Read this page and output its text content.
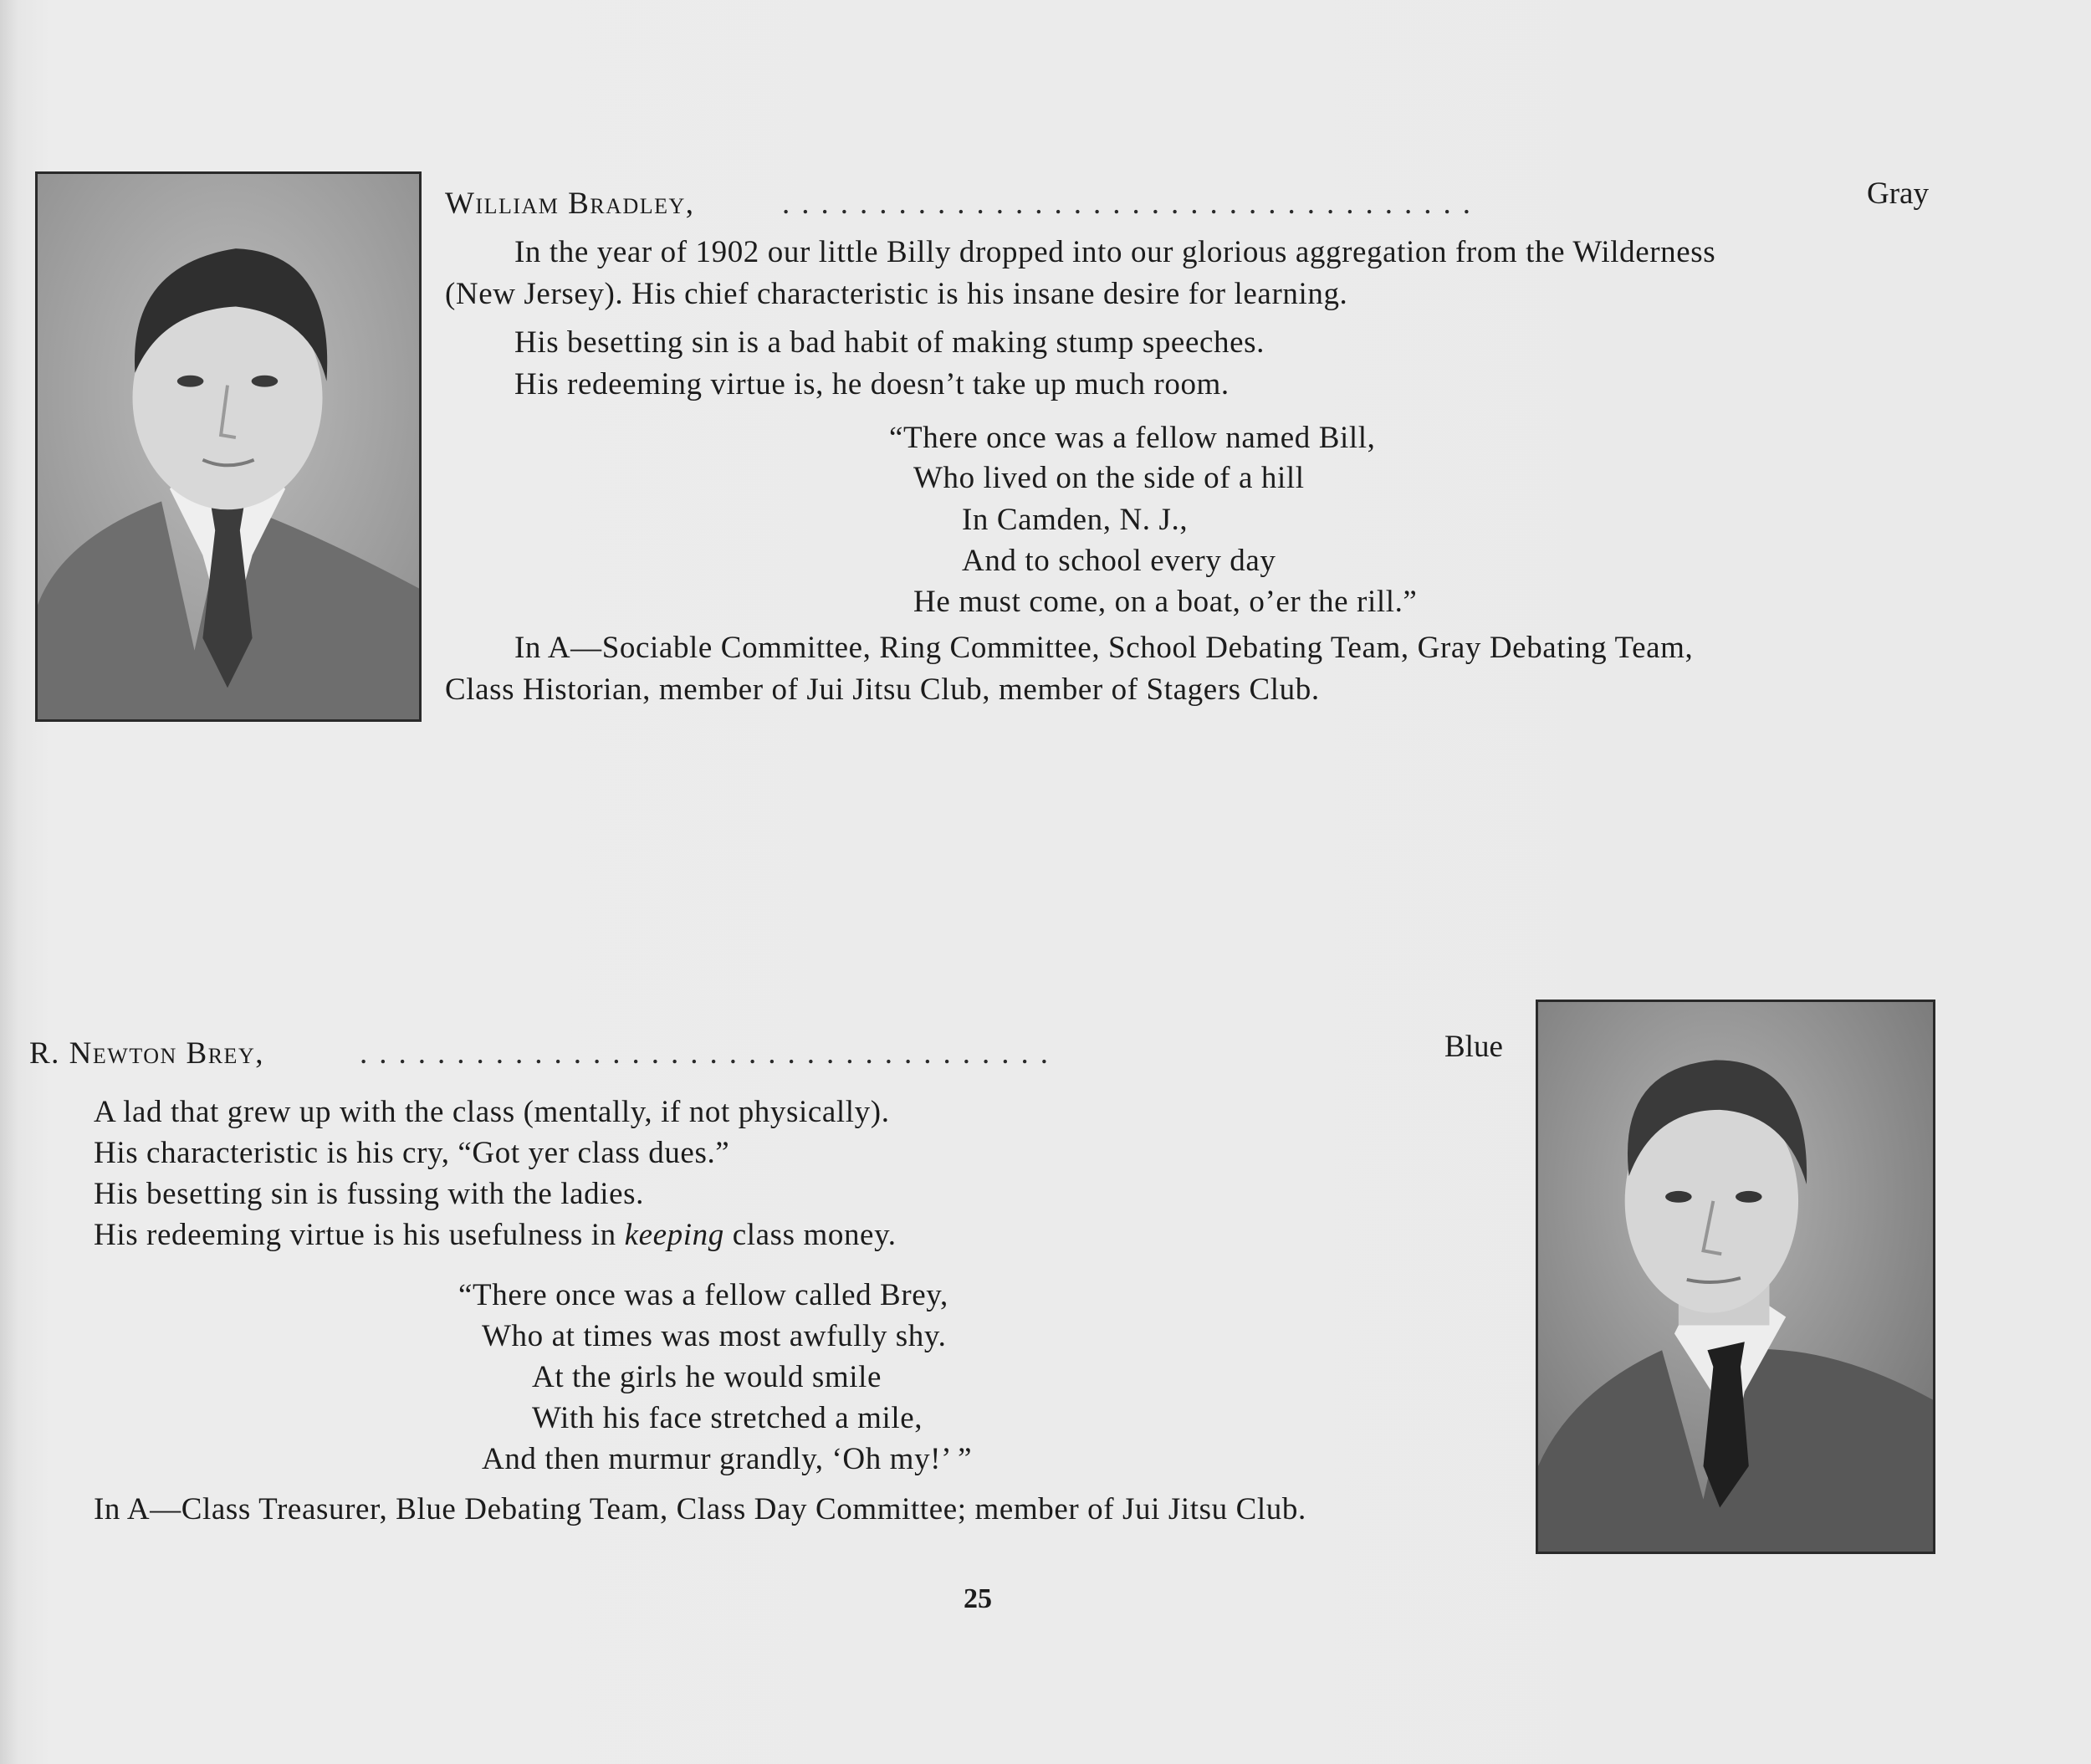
William Bradley,	....................................	Gray
In the year of 1902 our little Billy dropped into our glorious aggregation from the Wilderness
(New Jersey). His chief characteristic is his insane desire for learning.
His besetting sin is a bad habit of making stump speeches.
His redeeming virtue is, he doesn’t take up much room.
“There once was a fellow named Bill,
Who lived on the side of a hill
In Camden, N. J.,
And to school every day
He must come, on a boat, o’er the rill.”
In A—Sociable Committee, Ring Committee, School Debating Team, Gray Debating Team,
Class Historian, member of Jui Jitsu Club, member of Stagers Club.
R. Newton Brey,	....................................	Blue
A lad that grew up with the class (mentally, if not physically).
His characteristic is his cry, “Got yer class dues.”
His besetting sin is fussing with the ladies.
His redeeming virtue is his usefulness in keeping class money.
“There once was a fellow called Brey,
Who at times was most awfully shy.
At the girls he would smile
With his face stretched a mile,
And then murmur grandly, ‘Oh my!’ ”
In A—Class Treasurer, Blue Debating Team, Class Day Committee; member of Jui Jitsu Club.
25
